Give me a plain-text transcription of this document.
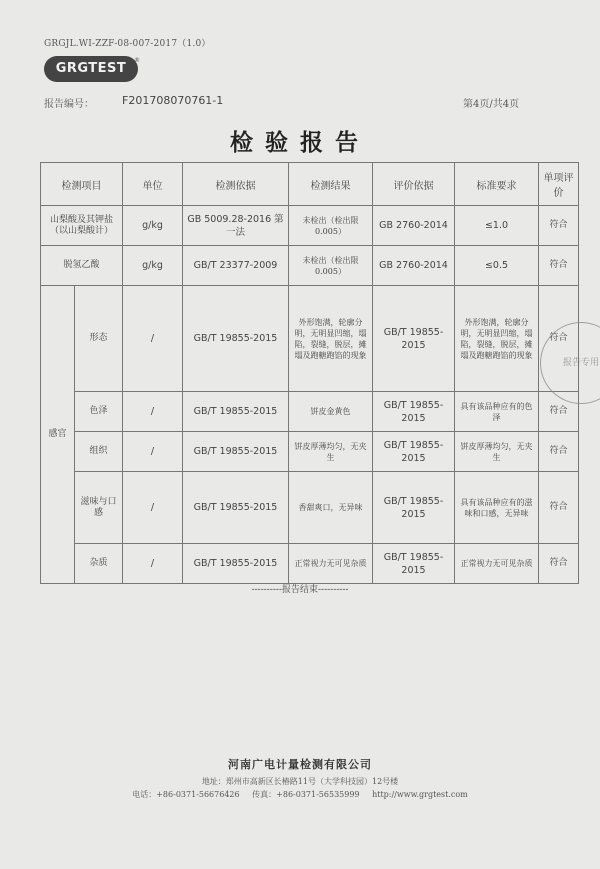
GRGJL.WI-ZZF-08-007-2017（1.0）
GRGTEST
®
报告编号：	F201708070761-1	第4页/共4页
检验报告
检测项目		单位	检测依据	检测结果	评价依据	标准要求	单项评价
山梨酸及其钾盐（以山梨酸计）		g/kg	GB 5009.28-2016 第一法	未检出（检出限 0.005）	GB 2760-2014	≤1.0	符合
脱氢乙酸		g/kg	GB/T 23377-2009	未检出（检出限 0.005）	GB 2760-2014	≤0.5	符合
感官	形态	/	GB/T 19855-2015	外形饱满，轮廓分明，无明显凹缩，塌陷，裂缝，脱层，摊塌及跑糖跑馅的现象	GB/T 19855-2015	外形饱满，轮廓分明，无明显凹缩，塌陷，裂缝，脱层，摊塌及跑糖跑馅的现象	符合
	色泽	/	GB/T 19855-2015	饼皮金黄色	GB/T 19855-2015	具有该品种应有的色泽	符合
	组织	/	GB/T 19855-2015	饼皮厚薄均匀，无夹生	GB/T 19855-2015	饼皮厚薄均匀，无夹生	符合
	滋味与口感	/	GB/T 19855-2015	香甜爽口，无异味	GB/T 19855-2015	具有该品种应有的滋味和口感，无异味	符合
	杂质	/	GB/T 19855-2015	正常视力无可见杂质	GB/T 19855-2015	正常视力无可见杂质	符合
报告专用
----------报告结束----------
河南广电计量检测有限公司
地址：郑州市高新区长椿路11号（大学科技园）12号楼
电话：+86-0371-56676426 传真：+86-0371-56535999 http://www.grgtest.com
